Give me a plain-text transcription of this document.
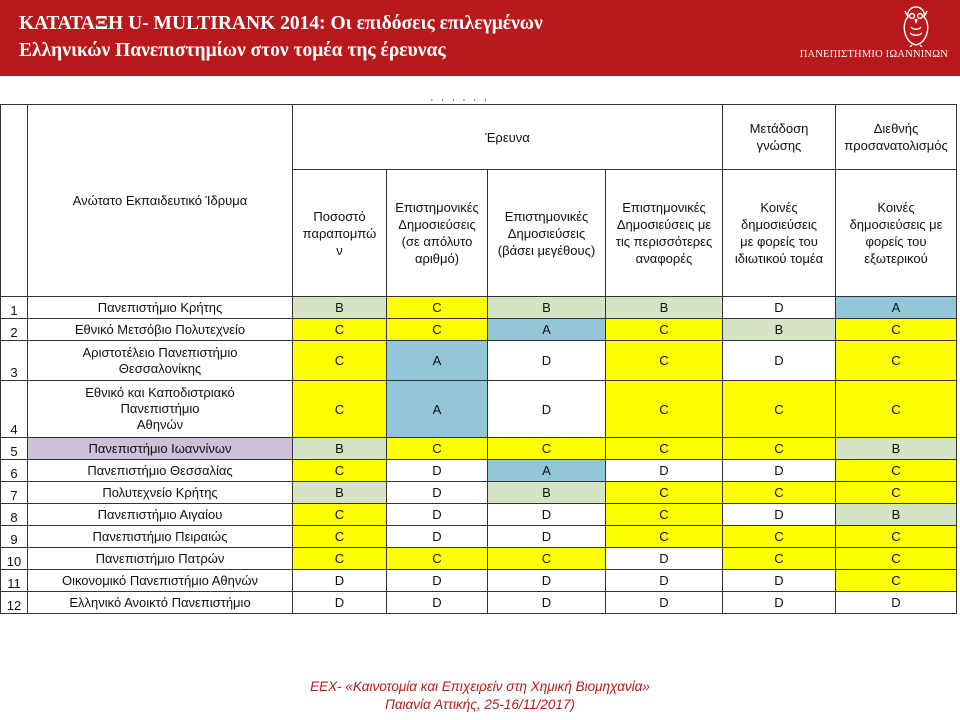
ΚΑΤΑΤΑΞΗ U- MULTIRANK 2014: Οι επιδόσεις επιλεγμένων
Ελληνικών Πανεπιστημίων στον τομέα της έρευνας	ΠΑΝΕΠΙΣΤΗΜΙΟ ΙΩΑΝΝΙΝΩΝ
· · · · · ·
	Ανώτατο Εκπαιδευτικό Ίδρυμα	Έρευνα				Μετάδοση
γνώσης	Διεθνής
προσανατολισμός

		Ποσοστό
παραπομπώ
ν	Επιστημονικές
Δημοσιεύσεις
(σε απόλυτο
αριθμό)	Επιστημονικές
Δημοσιεύσεις
(βάσει μεγέθους)	Επιστημονικές
Δημοσιεύσεις με
τις περισσότερες
αναφορές	Κοινές
δημοσιεύσεις
με φορείς του
ιδιωτικού τομέα	Κοινές
δημοσιεύσεις με
φορείς του
εξωτερικού

1	Πανεπιστήμιο Κρήτης	B	C	B	B	D	A
2	Εθνικό Μετσόβιο Πολυτεχνείο	C	C	A	C	B	C
3	Αριστοτέλειο Πανεπιστήμιο
Θεσσαλονίκης	C	A	D	C	D	C
4	Εθνικό και Καποδιστριακό
Πανεπιστήμιο
Αθηνών	C	A	D	C	C	C
5	Πανεπιστήμιο Ιωαννίνων	B	C	C	C	C	B
6	Πανεπιστήμιο Θεσσαλίας	C	D	A	D	D	C
7	Πολυτεχνείο Κρήτης	B	D	B	C	C	C
8	Πανεπιστήμιο Αιγαίου	C	D	D	C	D	B
9	Πανεπιστήμιο Πειραιώς	C	D	D	C	C	C
10	Πανεπιστήμιο Πατρών	C	C	C	D	C	C
11	Οικονομικό Πανεπιστήμιο Αθηνών	D	D	D	D	D	C
12	Ελληνικό Ανοικτό Πανεπιστήμιο	D	D	D	D	D	D
ΕΕΧ- «Καινοτομία και Επιχειρείν στη Χημική Βιομηχανία»
Παιανία Αττικής, 25-16/11/2017)
